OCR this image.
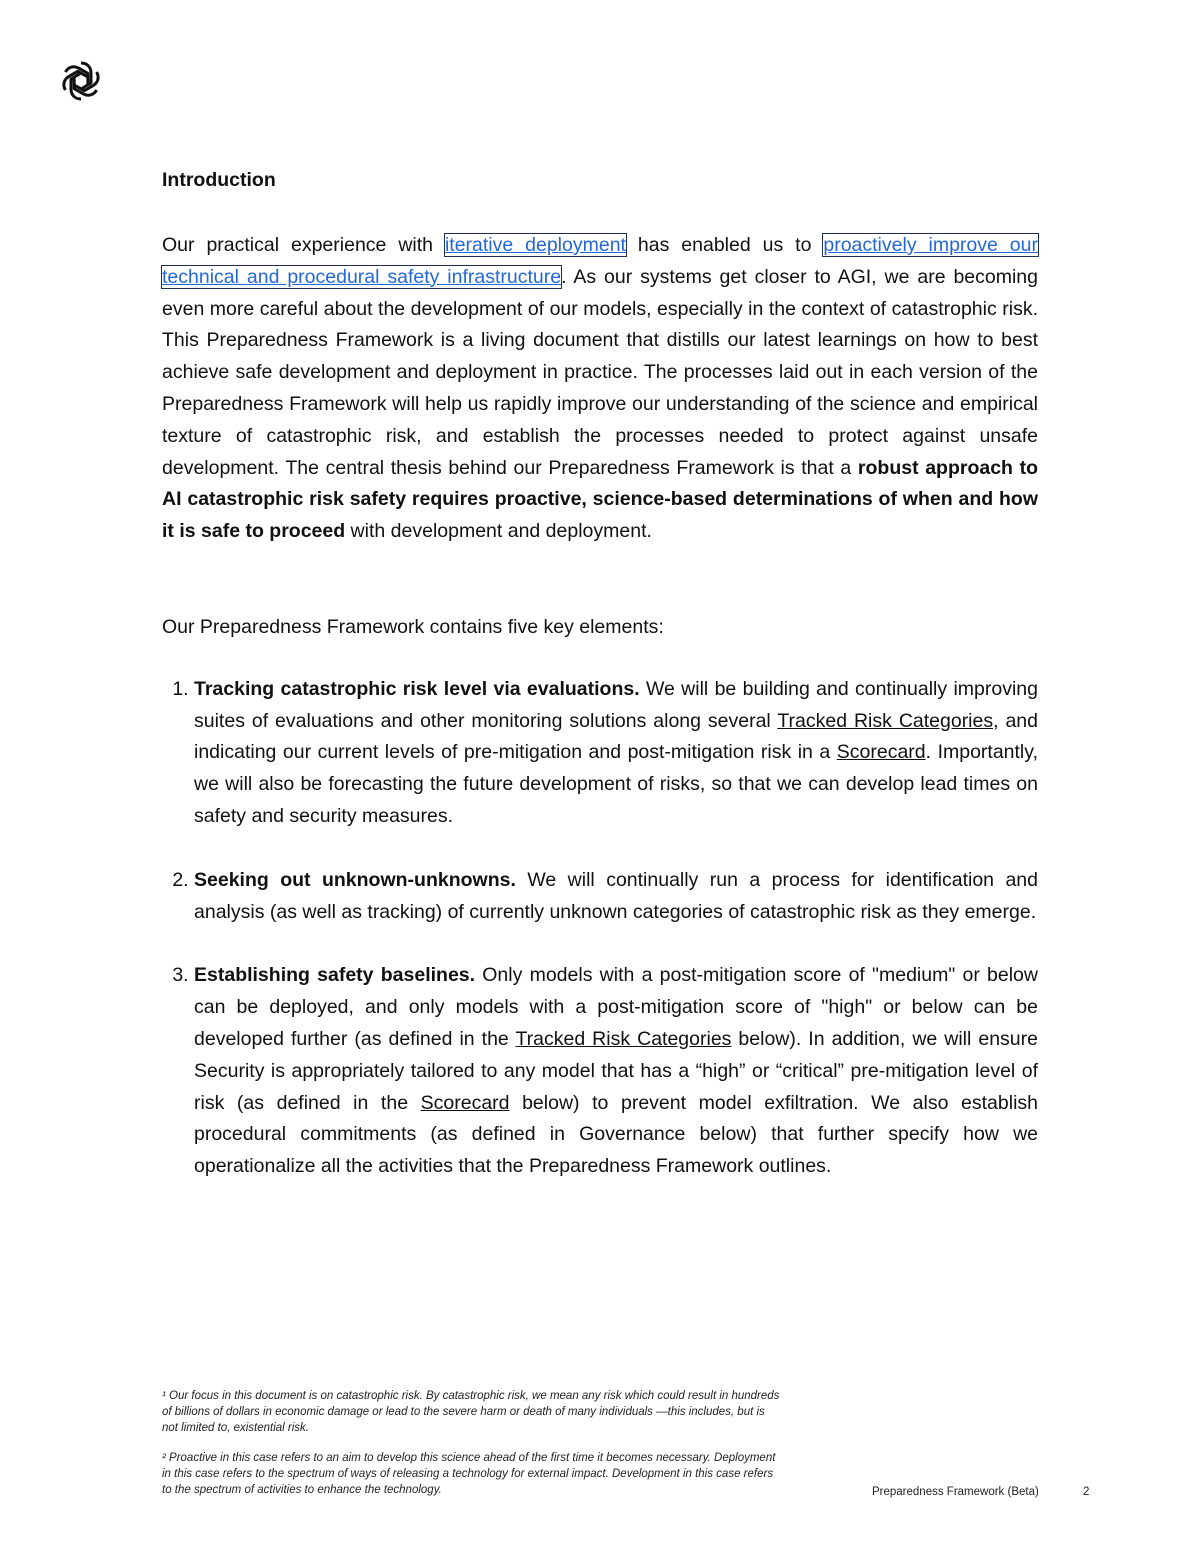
Introduction

Our practical experience with iterative deployment has enabled us to proactively improve our technical and procedural safety infrastructure. As our systems get closer to AGI, we are becoming even more careful about the development of our models, especially in the context of catastrophic risk. This Preparedness Framework is a living document that distills our latest learnings on how to best achieve safe development and deployment in practice. The processes laid out in each version of the Preparedness Framework will help us rapidly improve our understanding of the science and empirical texture of catastrophic risk, and establish the processes needed to protect against unsafe development. The central thesis behind our Preparedness Framework is that a robust approach to AI catastrophic risk safety requires proactive, science-based determinations of when and how it is safe to proceed with development and deployment.

Our Preparedness Framework contains five key elements:

1. Tracking catastrophic risk level via evaluations. We will be building and continually improving suites of evaluations and other monitoring solutions along several Tracked Risk Categories, and indicating our current levels of pre-mitigation and post-mitigation risk in a Scorecard. Importantly, we will also be forecasting the future development of risks, so that we can develop lead times on safety and security measures.
2. Seeking out unknown-unknowns. We will continually run a process for identification and analysis (as well as tracking) of currently unknown categories of catastrophic risk as they emerge.
3. Establishing safety baselines. Only models with a post-mitigation score of "medium" or below can be deployed, and only models with a post-mitigation score of "high" or below can be developed further (as defined in the Tracked Risk Categories below). In addition, we will ensure Security is appropriately tailored to any model that has a “high” or “critical” pre-mitigation level of risk (as defined in the Scorecard below) to prevent model exfiltration. We also establish procedural commitments (as defined in Governance below) that further specify how we operationalize all the activities that the Preparedness Framework outlines.

¹ Our focus in this document is on catastrophic risk. By catastrophic risk, we mean any risk which could result in hundreds of billions of dollars in economic damage or lead to the severe harm or death of many individuals —this includes, but is not limited to, existential risk.

² Proactive in this case refers to an aim to develop this science ahead of the first time it becomes necessary. Deployment in this case refers to the spectrum of ways of releasing a technology for external impact. Development in this case refers to the spectrum of activities to enhance the technology.	Preparedness Framework (Beta)	2
